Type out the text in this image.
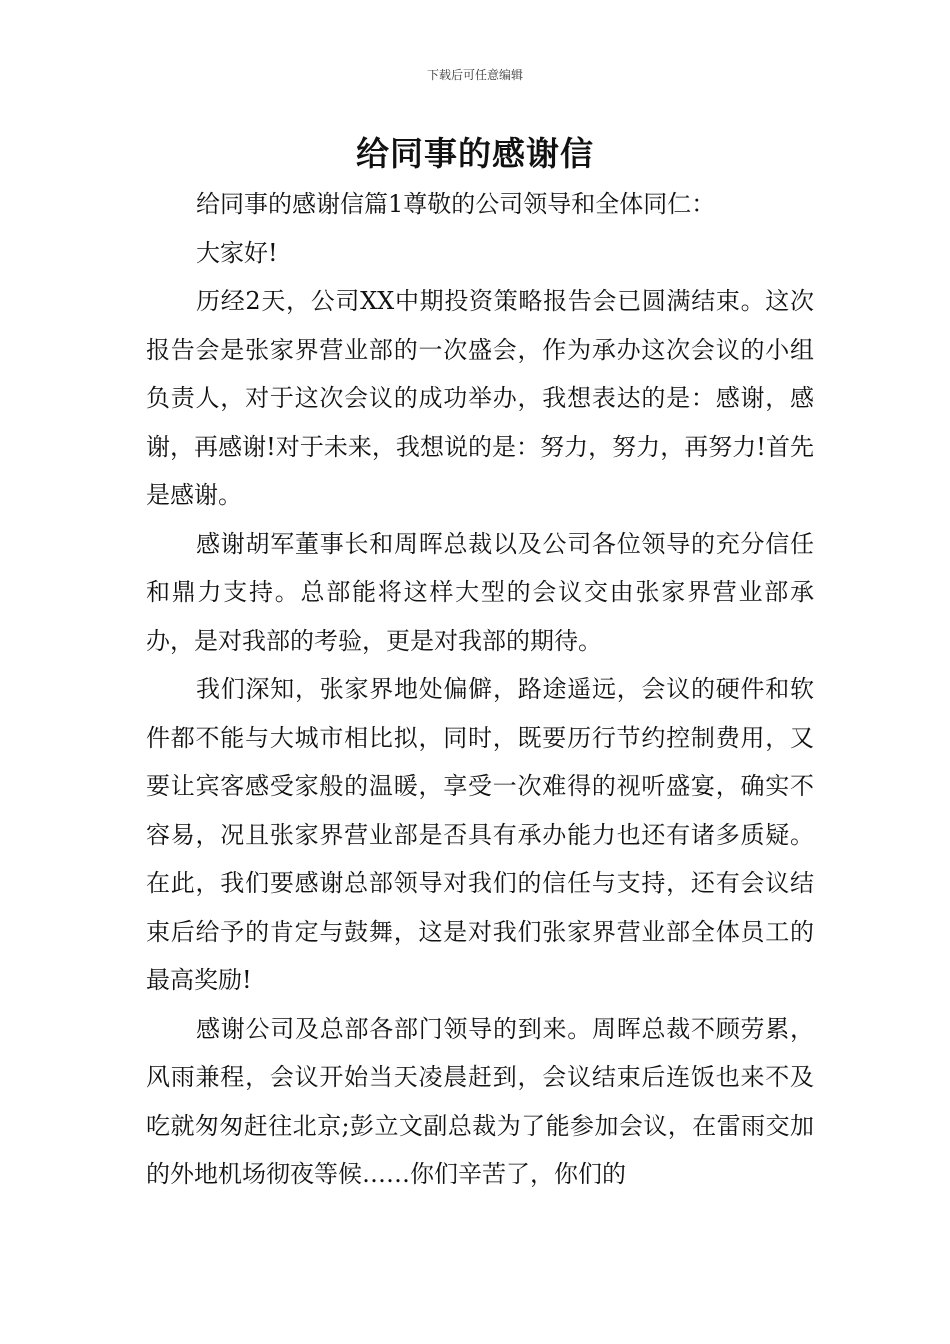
下载后可任意编辑
给同事的感谢信

给同事的感谢信篇1尊敬的公司领导和全体同仁：

大家好!

历经2天，公司XX中期投资策略报告会已圆满结束。这次报告会是张家界营业部的一次盛会，作为承办这次会议的小组负责人，对于这次会议的成功举办，我想表达的是：感谢，感谢，再感谢!对于未来，我想说的是：努力，努力，再努力!首先是感谢。

感谢胡军董事长和周晖总裁以及公司各位领导的充分信任和鼎力支持。总部能将这样大型的会议交由张家界营业部承办，是对我部的考验，更是对我部的期待。

我们深知，张家界地处偏僻，路途遥远，会议的硬件和软件都不能与大城市相比拟，同时，既要历行节约控制费用，又要让宾客感受家般的温暖，享受一次难得的视听盛宴，确实不容易，况且张家界营业部是否具有承办能力也还有诸多质疑。在此，我们要感谢总部领导对我们的信任与支持，还有会议结束后给予的肯定与鼓舞，这是对我们张家界营业部全体员工的最高奖励!

感谢公司及总部各部门领导的到来。周晖总裁不顾劳累，风雨兼程，会议开始当天凌晨赶到，会议结束后连饭也来不及吃就匆匆赶往北京;彭立文副总裁为了能参加会议，在雷雨交加的外地机场彻夜等候……你们辛苦了，你们的
